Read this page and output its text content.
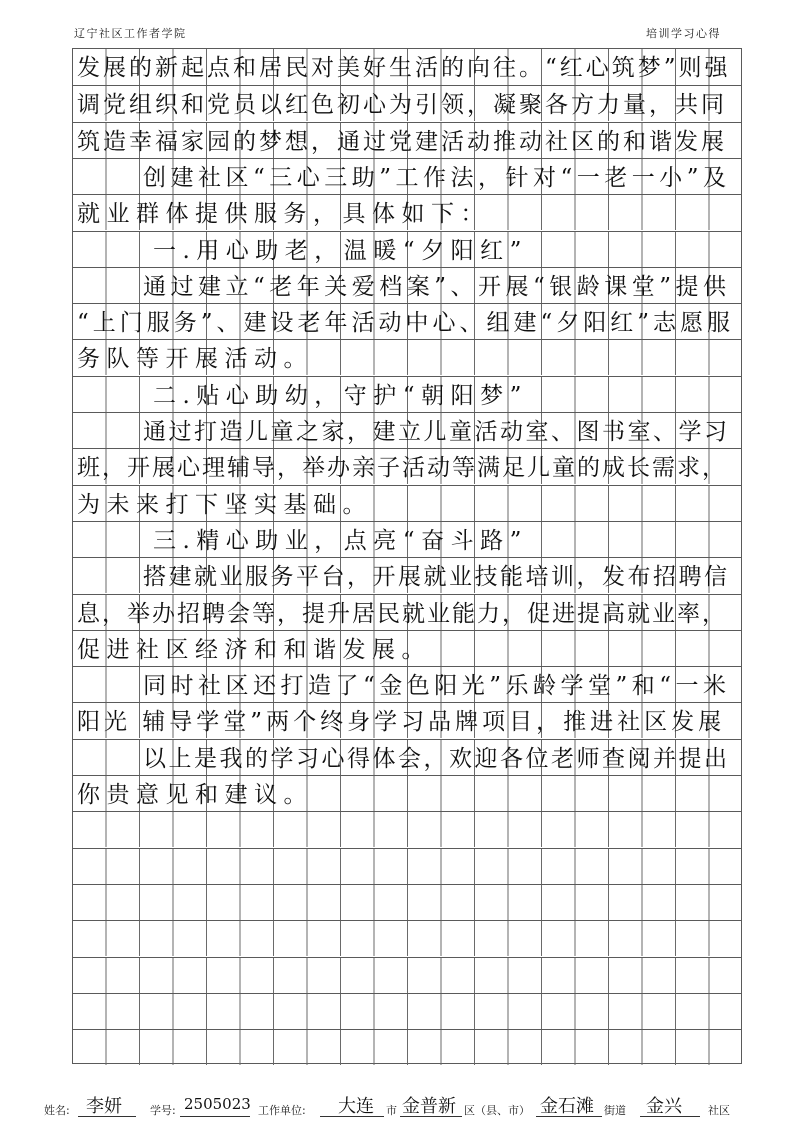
辽宁社区工作者学院	培训学习心得
发展的新起点和居民对美好生活的向往。“红心筑梦”则强
调党组织和党员以红色初心为引领，凝聚各方力量，共同
筑造幸福家园的梦想，通过党建活动推动社区的和谐发展
创建社区“三心三助”工作法，针对“一老一小”及
就业群体提供服务，具体如下：
一.用心助老，温暖“夕阳红”
通过建立“老年关爱档案”、开展“银龄课堂”提供
“上门服务”、建设老年活动中心、组建“夕阳红”志愿服
务队等开展活动。
二.贴心助幼，守护“朝阳梦”
通过打造儿童之家，建立儿童活动室、图书室、学习
班，开展心理辅导，举办亲子活动等满足儿童的成长需求，
为未来打下坚实基础。
三.精心助业，点亮“奋斗路”
搭建就业服务平台，开展就业技能培训，发布招聘信
息，举办招聘会等，提升居民就业能力，促进提高就业率，
促进社区经济和和谐发展。
同时社区还打造了“金色阳光”乐龄学堂”和“一米
阳光 辅导学堂”两个终身学习品牌项目，推进社区发展
以上是我的学习心得体会，欢迎各位老师查阅并提出
你贵意见和建议。
姓名: 李妍	学号: 2505023 工作单位: 大连 市 金普新 区（县、市） 金石滩 街道 金兴 社区
